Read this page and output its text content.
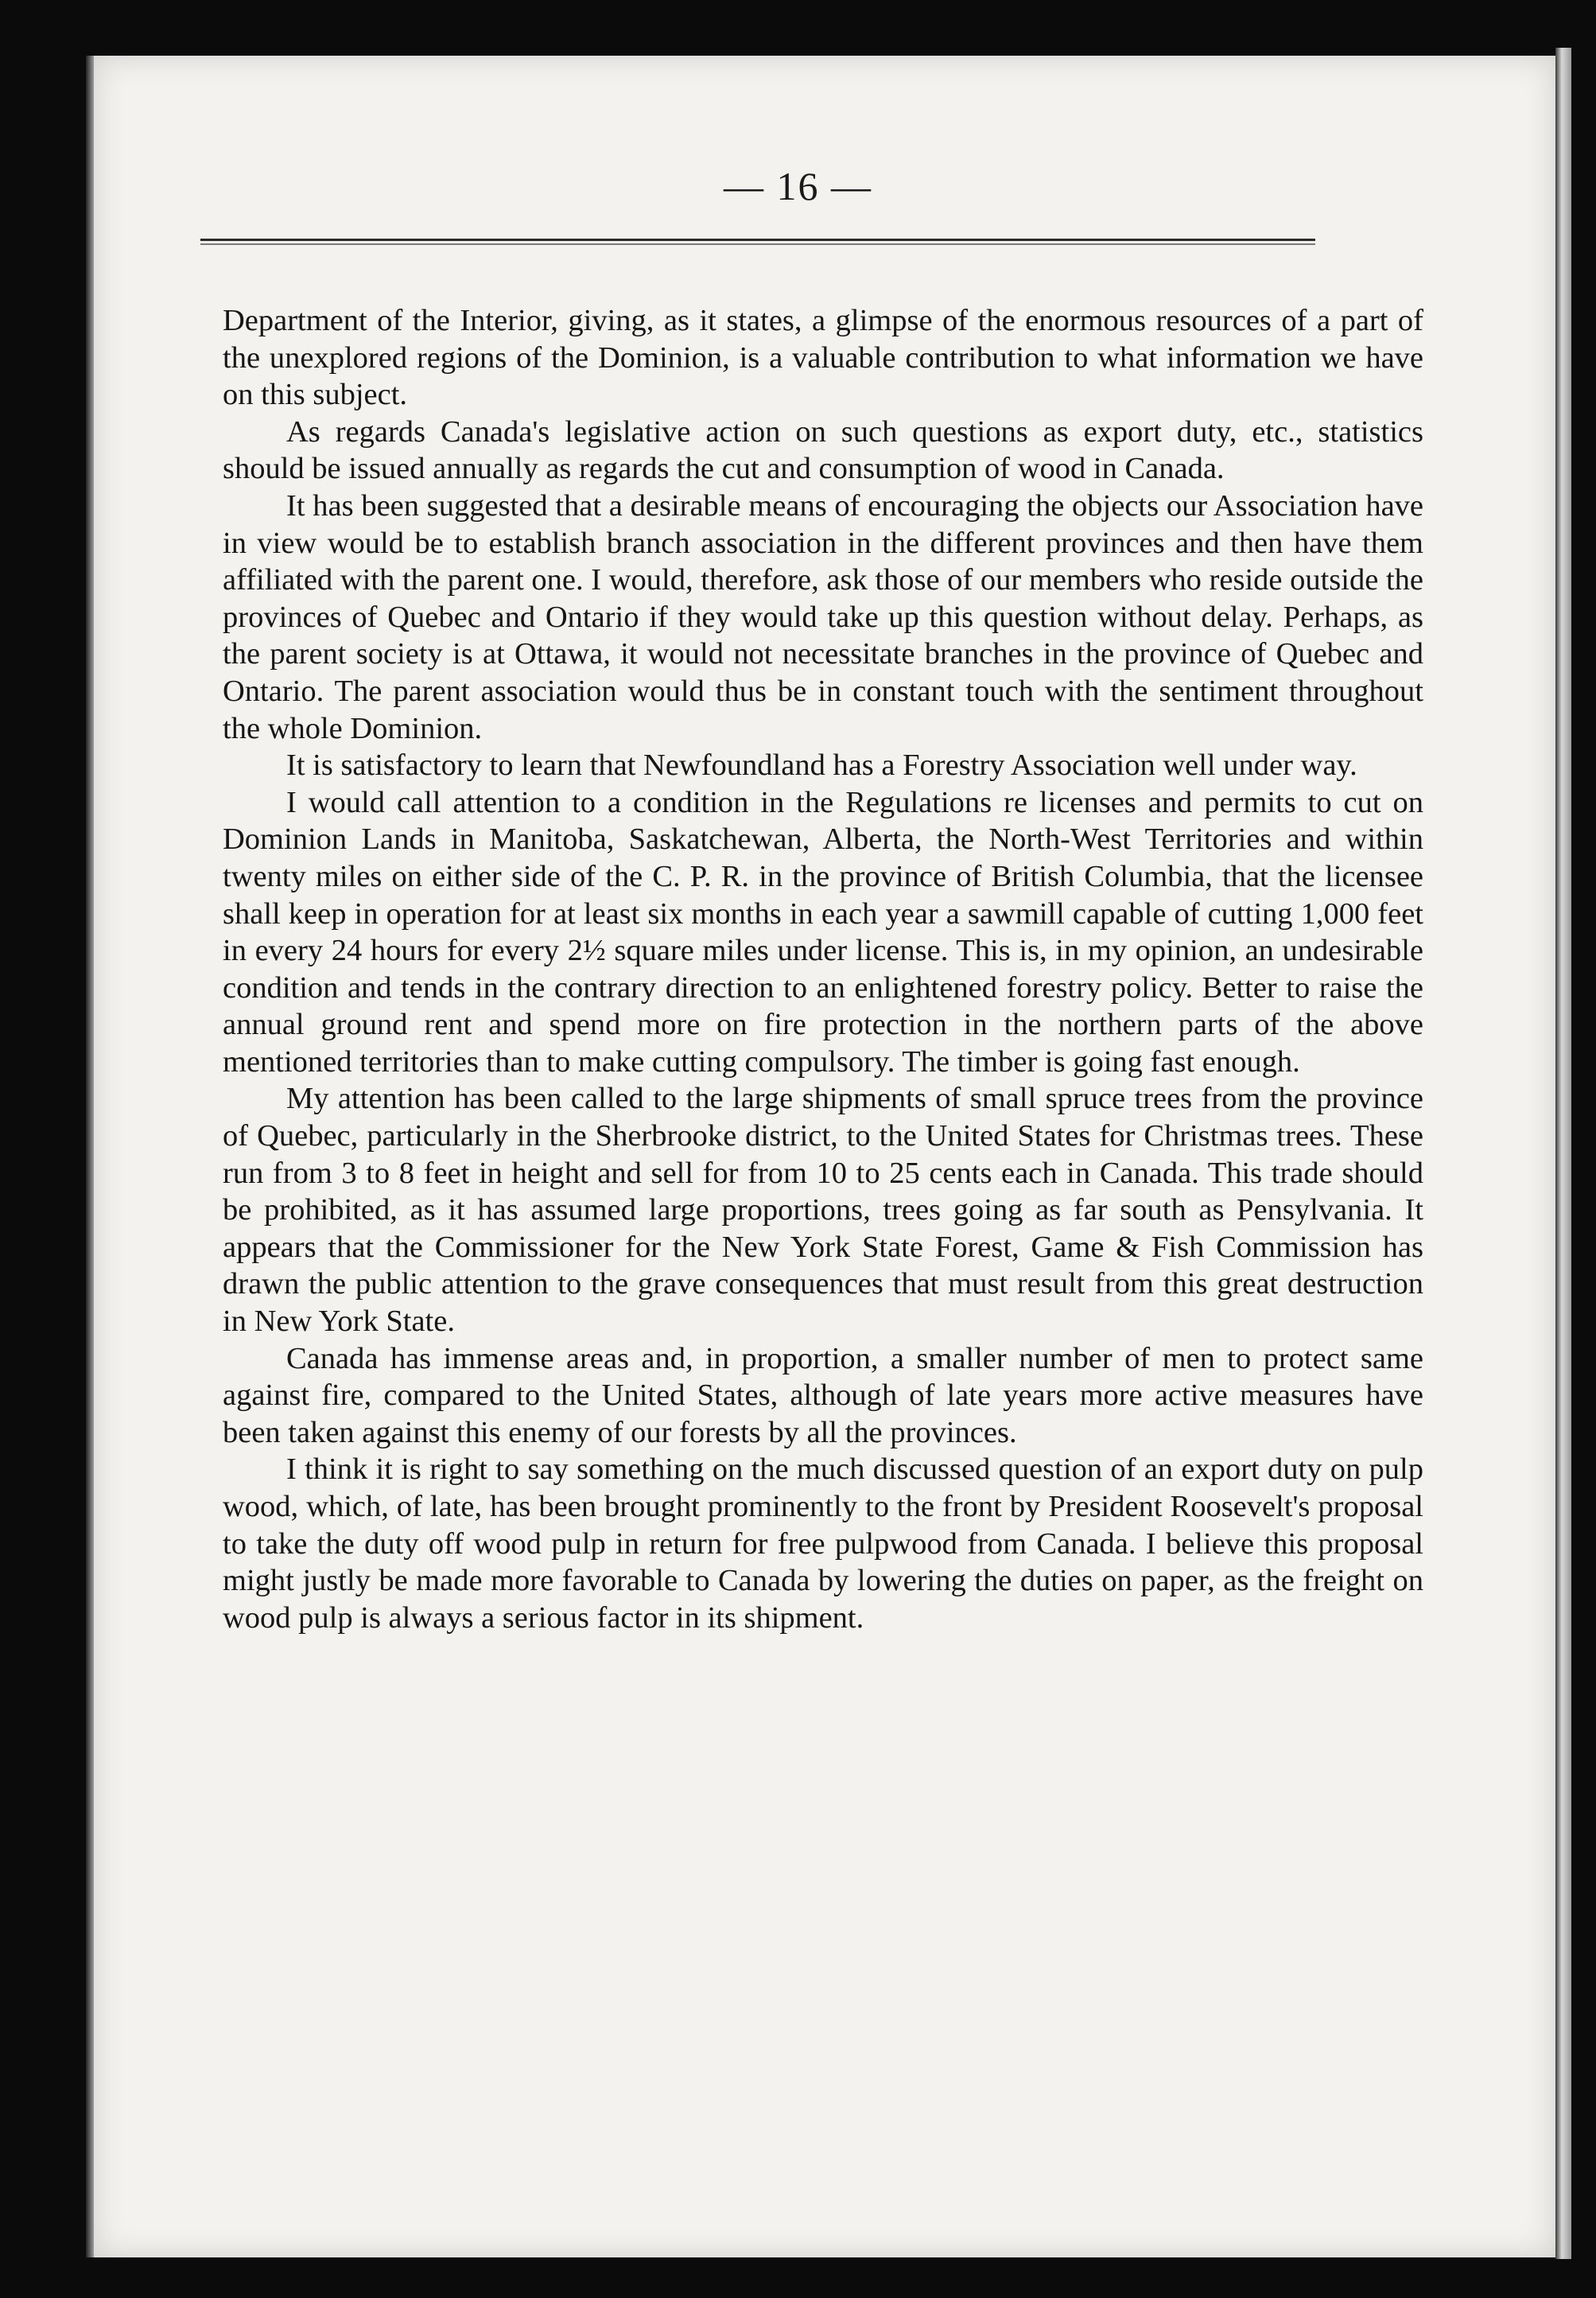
— 16 —

Department of the Interior, giving, as it states, a glimpse of the enormous resources of a part of the unexplored regions of the Dominion, is a valuable contribution to what information we have on this subject.

As regards Canada's legislative action on such questions as export duty, etc., statistics should be issued annually as regards the cut and consumption of wood in Canada.

It has been suggested that a desirable means of encouraging the objects our Association have in view would be to establish branch association in the different provinces and then have them affiliated with the parent one. I would, therefore, ask those of our members who reside outside the provinces of Quebec and Ontario if they would take up this question without delay. Perhaps, as the parent society is at Ottawa, it would not necessitate branches in the province of Quebec and Ontario. The parent association would thus be in constant touch with the sentiment throughout the whole Dominion.

It is satisfactory to learn that Newfoundland has a Forestry Association well under way.

I would call attention to a condition in the Regulations re licenses and permits to cut on Dominion Lands in Manitoba, Saskatchewan, Alberta, the North-West Territories and within twenty miles on either side of the C. P. R. in the province of British Columbia, that the licensee shall keep in operation for at least six months in each year a sawmill capable of cutting 1,000 feet in every 24 hours for every 2½ square miles under license. This is, in my opinion, an undesirable condition and tends in the contrary direction to an enlightened forestry policy. Better to raise the annual ground rent and spend more on fire protection in the northern parts of the above mentioned territories than to make cutting compulsory. The timber is going fast enough.

My attention has been called to the large shipments of small spruce trees from the province of Quebec, particularly in the Sherbrooke district, to the United States for Christmas trees. These run from 3 to 8 feet in height and sell for from 10 to 25 cents each in Canada. This trade should be prohibited, as it has assumed large proportions, trees going as far south as Pensylvania. It appears that the Commissioner for the New York State Forest, Game & Fish Commission has drawn the public attention to the grave consequences that must result from this great destruction in New York State.

Canada has immense areas and, in proportion, a smaller number of men to protect same against fire, compared to the United States, although of late years more active measures have been taken against this enemy of our forests by all the provinces.

I think it is right to say something on the much discussed question of an export duty on pulp wood, which, of late, has been brought prominently to the front by President Roosevelt's proposal to take the duty off wood pulp in return for free pulpwood from Canada. I believe this proposal might justly be made more favorable to Canada by lowering the duties on paper, as the freight on wood pulp is always a serious factor in its shipment.
